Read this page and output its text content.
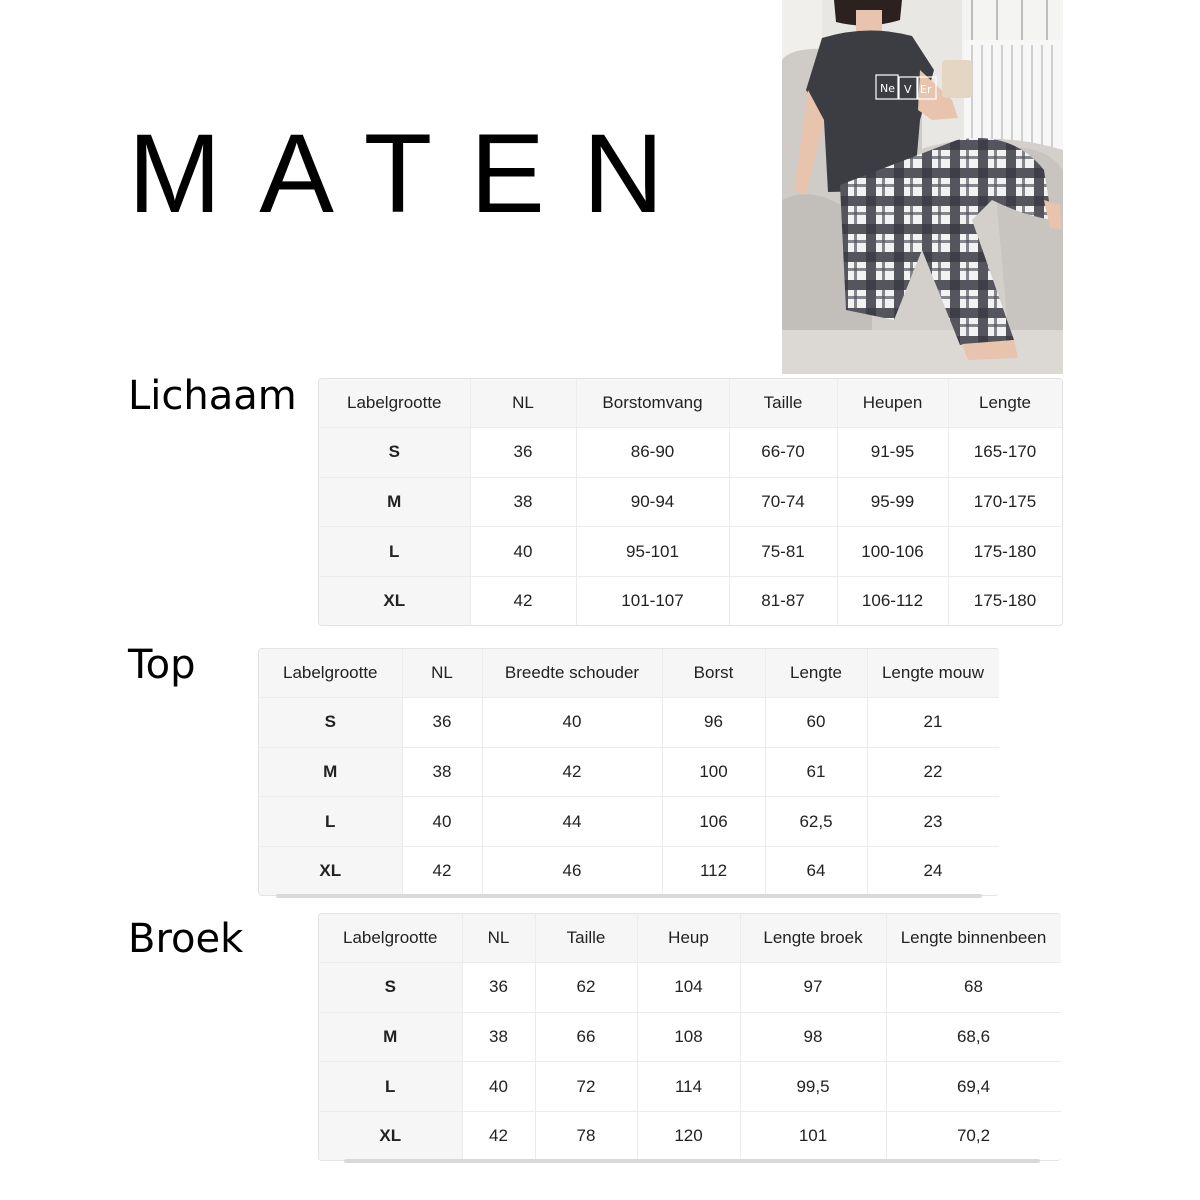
MATEN
Ne V Er
Lichaam	Labelgrootte	NL	Borstomvang	Taille	Heupen	Lengte
S	36	86-90	66-70	91-95	165-170
M	38	90-94	70-74	95-99	170-175
L	40	95-101	75-81	100-106	175-180
XL	42	101-107	81-87	106-112	175-180
Top	Labelgrootte	NL	Breedte schouder	Borst	Lengte	Lengte mouw
S	36	40	96	60	21
M	38	42	100	61	22
L	40	44	106	62,5	23
XL	42	46	112	64	24
Broek	Labelgrootte	NL	Taille	Heup	Lengte broek	Lengte binnenbeen
S	36	62	104	97	68
M	38	66	108	98	68,6
L	40	72	114	99,5	69,4
XL	42	78	120	101	70,2
